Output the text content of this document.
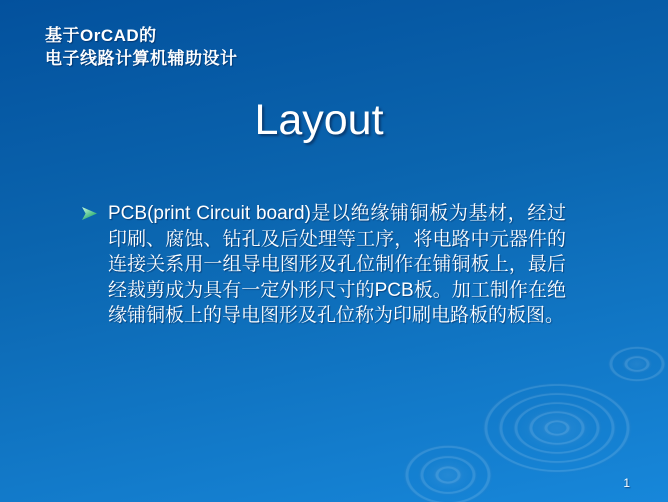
基于OrCAD的
电子线路计算机辅助设计
Layout
PCB(print Circuit board)是以绝缘铺铜板为基材，经过印刷、腐蚀、钻孔及后处理等工序，将电路中元器件的连接关系用一组导电图形及孔位制作在铺铜板上，最后经裁剪成为具有一定外形尺寸的PCB板。加工制作在绝缘铺铜板上的导电图形及孔位称为印刷电路板的板图。
1
